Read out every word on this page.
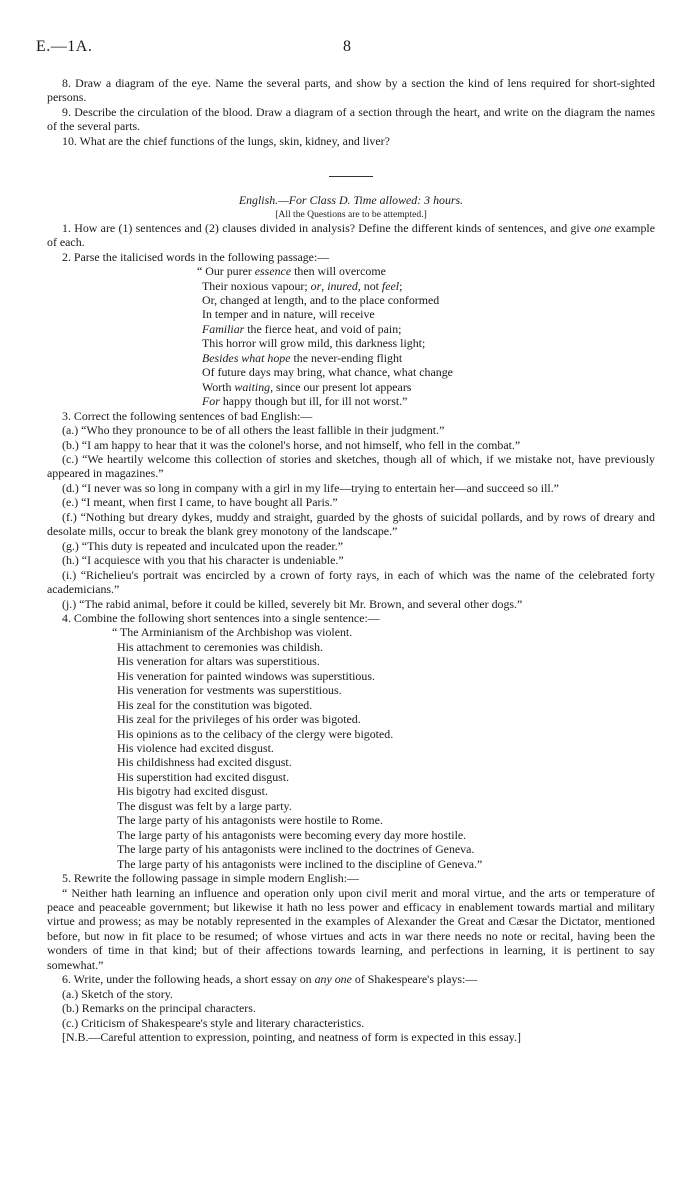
E.—1A.	8

8. Draw a diagram of the eye. Name the several parts, and show by a section the kind of lens required for short-sighted persons.

9. Describe the circulation of the blood. Draw a diagram of a section through the heart, and write on the diagram the names of the several parts.

10. What are the chief functions of the lungs, skin, kidney, and liver?

English.—For Class D. Time allowed: 3 hours.
[All the Questions are to be attempted.]

1. How are (1) sentences and (2) clauses divided in analysis? Define the different kinds of sentences, and give one example of each.

2. Parse the italicised words in the following passage:—

“ Our purer essence then will overcome
Their noxious vapour; or, inured, not feel;
Or, changed at length, and to the place conformed
In temper and in nature, will receive
Familiar the fierce heat, and void of pain;
This horror will grow mild, this darkness light;
Besides what hope the never-ending flight
Of future days may bring, what chance, what change
Worth waiting, since our present lot appears
For happy though but ill, for ill not worst.”

3. Correct the following sentences of bad English:—

(a.) “Who they pronounce to be of all others the least fallible in their judgment.”

(b.) “I am happy to hear that it was the colonel's horse, and not himself, who fell in the combat.”

(c.) “We heartily welcome this collection of stories and sketches, though all of which, if we mistake not, have previously appeared in magazines.”

(d.) “I never was so long in company with a girl in my life—trying to entertain her—and succeed so ill.”

(e.) “I meant, when first I came, to have bought all Paris.”

(f.) “Nothing but dreary dykes, muddy and straight, guarded by the ghosts of suicidal pollards, and by rows of dreary and desolate mills, occur to break the blank grey monotony of the landscape.”

(g.) “This duty is repeated and inculcated upon the reader.”

(h.) “I acquiesce with you that his character is undeniable.”

(i.) “Richelieu's portrait was encircled by a crown of forty rays, in each of which was the name of the celebrated forty academicians.”

(j.) “The rabid animal, before it could be killed, severely bit Mr. Brown, and several other dogs.”

4. Combine the following short sentences into a single sentence:—

“ The Arminianism of the Archbishop was violent.
His attachment to ceremonies was childish.
His veneration for altars was superstitious.
His veneration for painted windows was superstitious.
His veneration for vestments was superstitious.
His zeal for the constitution was bigoted.
His zeal for the privileges of his order was bigoted.
His opinions as to the celibacy of the clergy were bigoted.
His violence had excited disgust.
His childishness had excited disgust.
His superstition had excited disgust.
His bigotry had excited disgust.
The disgust was felt by a large party.
The large party of his antagonists were hostile to Rome.
The large party of his antagonists were becoming every day more hostile.
The large party of his antagonists were inclined to the doctrines of Geneva.
The large party of his antagonists were inclined to the discipline of Geneva.”

5. Rewrite the following passage in simple modern English:—

“ Neither hath learning an influence and operation only upon civil merit and moral virtue, and the arts or temperature of peace and peaceable government; but likewise it hath no less power and efficacy in enablement towards martial and military virtue and prowess; as may be notably represented in the examples of Alexander the Great and Cæsar the Dictator, mentioned before, but now in fit place to be resumed; of whose virtues and acts in war there needs no note or recital, having been the wonders of time in that kind; but of their affections towards learning, and perfections in learning, it is pertinent to say somewhat.”

6. Write, under the following heads, a short essay on any one of Shakespeare's plays:—

(a.) Sketch of the story.

(b.) Remarks on the principal characters.

(c.) Criticism of Shakespeare's style and literary characteristics.

[N.B.—Careful attention to expression, pointing, and neatness of form is expected in this essay.]
